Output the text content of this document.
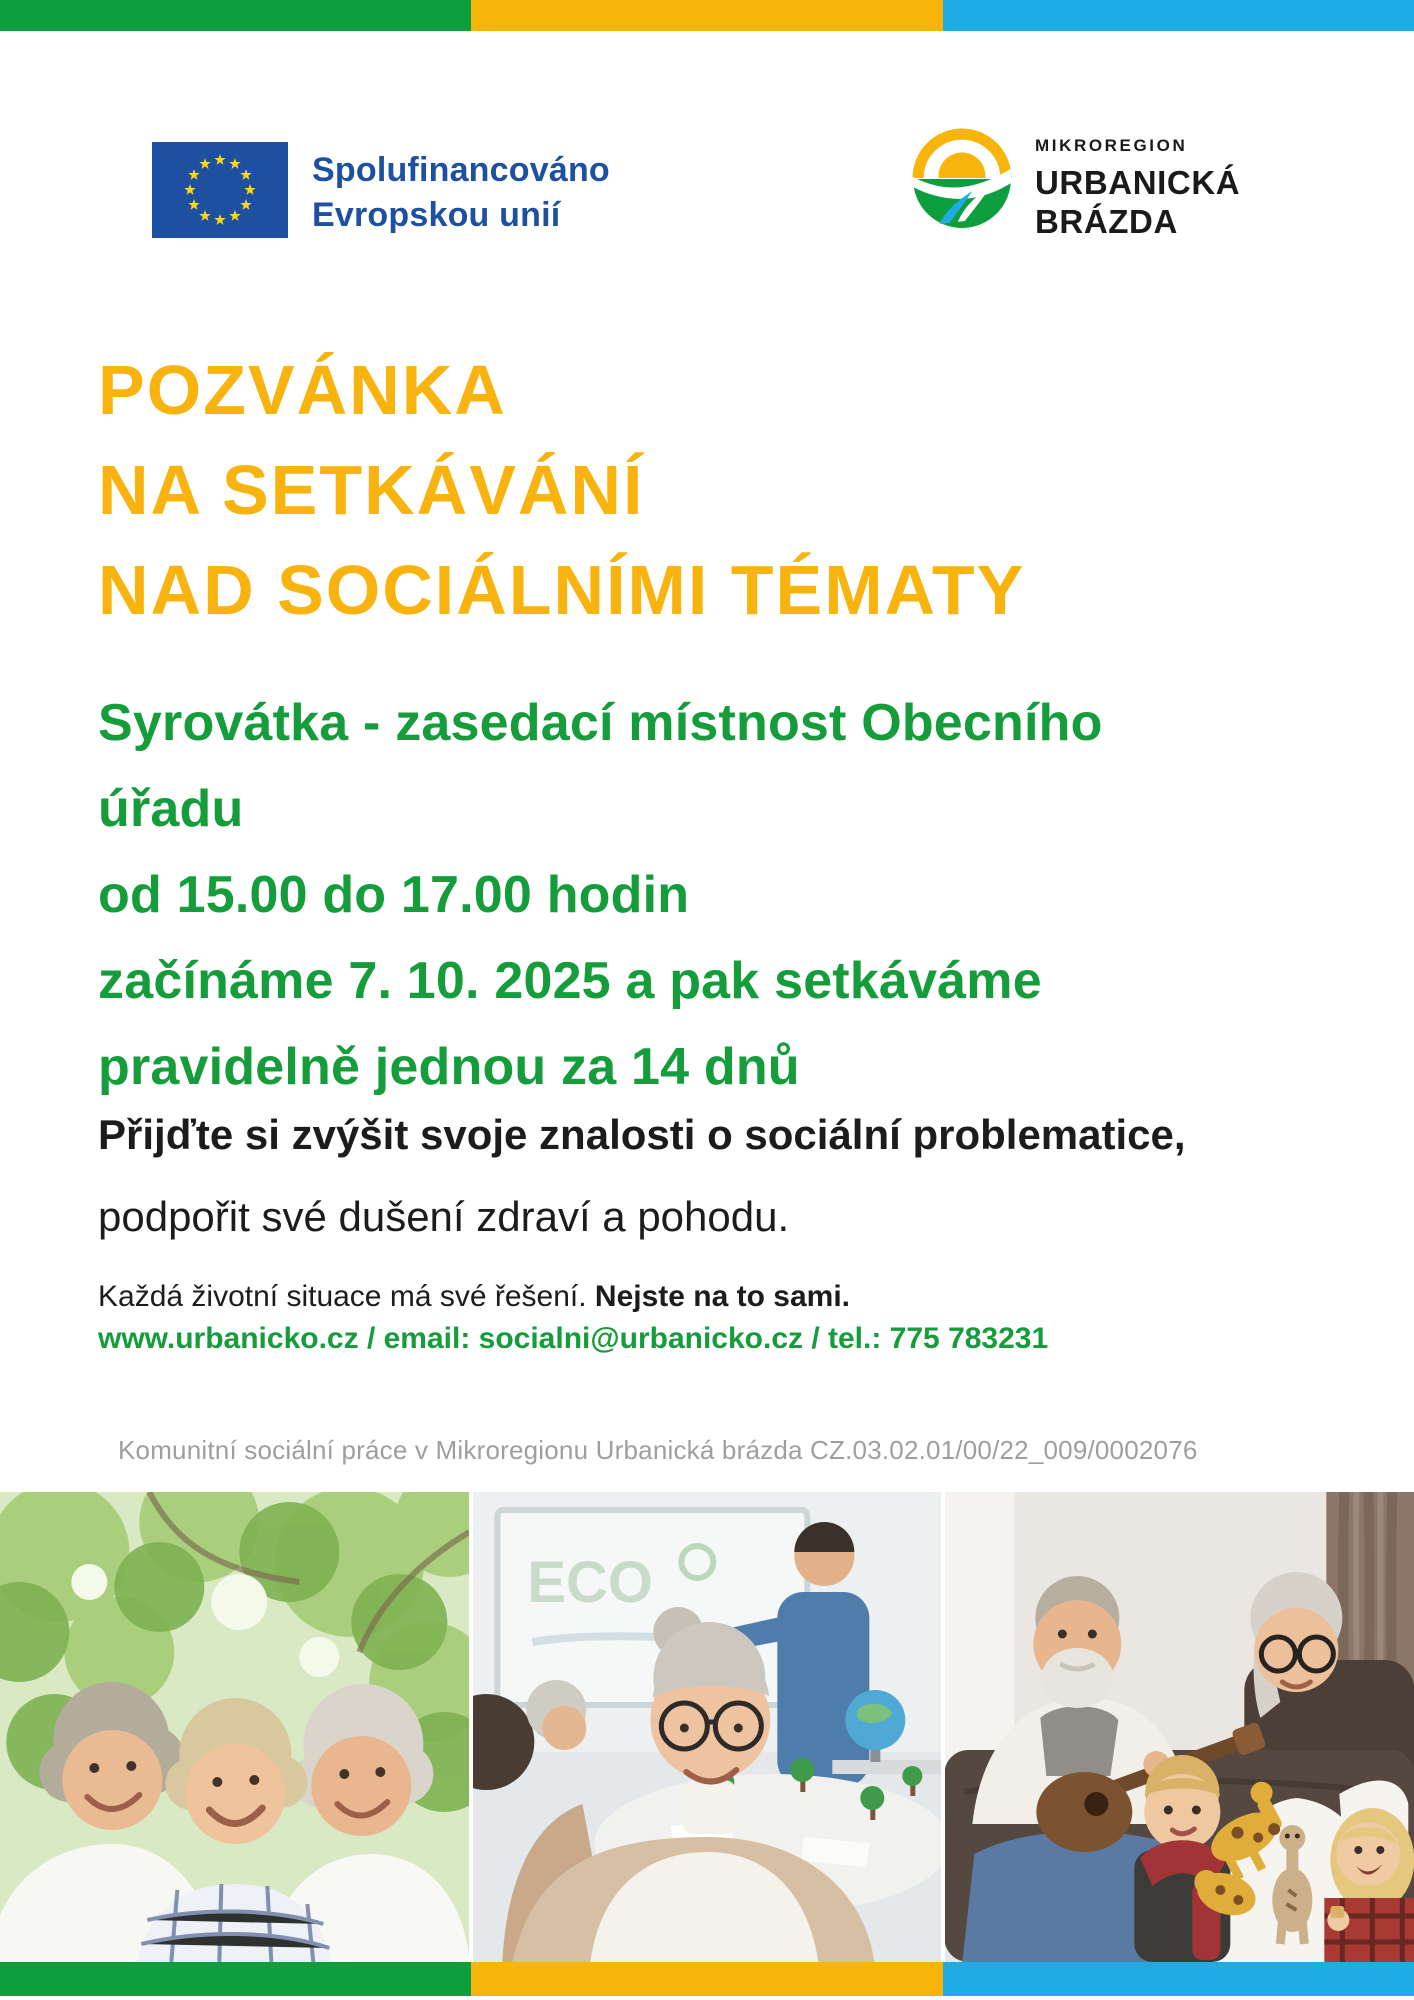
Spolufinancováno
Evropskou unií
MIKROREGION
URBANICKÁ
BRÁZDA
POZVÁNKA
NA SETKÁVÁNÍ
NAD SOCIÁLNÍMI TÉMATY
Syrovátka - zasedací místnost Obecního
úřadu
od 15.00 do 17.00 hodin
začínáme 7. 10. 2025 a pak setkáváme
pravidelně jednou za 14 dnů
Přijďte si zvýšit svoje znalosti o sociální problematice, podpořit své dušení zdraví a pohodu.
Každá životní situace má své řešení. Nejste na to sami.
www.urbanicko.cz / email: socialni@urbanicko.cz / tel.: 775 783231
Komunitní sociální práce v Mikroregionu Urbanická brázda CZ.03.02.01/00/22_009/0002076
ECO
